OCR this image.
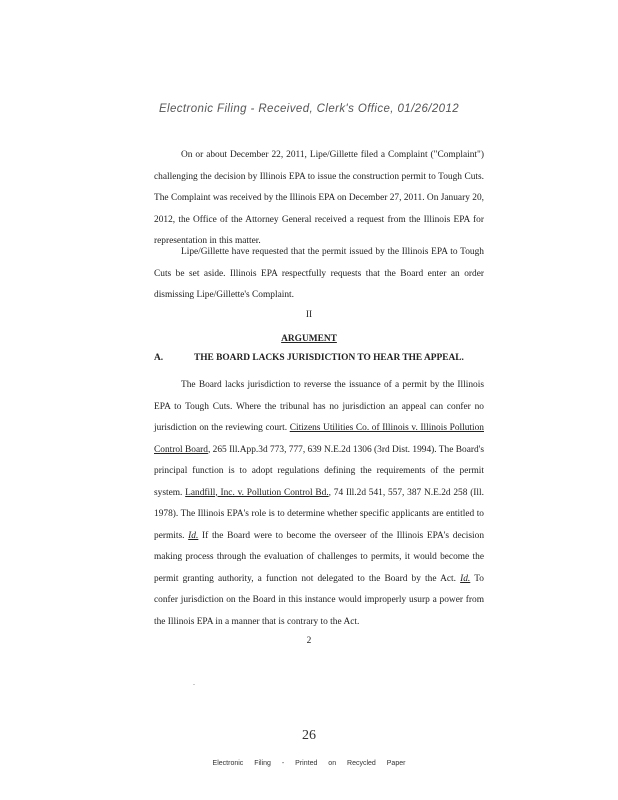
Electronic Filing - Received, Clerk's Office, 01/26/2012

On or about December 22, 2011, Lipe/Gillette filed a Complaint ("Complaint") challenging the decision by Illinois EPA to issue the construction permit to Tough Cuts. The Complaint was received by the Illinois EPA on December 27, 2011. On January 20, 2012, the Office of the Attorney General received a request from the Illinois EPA for representation in this matter.

Lipe/Gillette have requested that the permit issued by the Illinois EPA to Tough Cuts be set aside. Illinois EPA respectfully requests that the Board enter an order dismissing Lipe/Gillette's Complaint.

II
ARGUMENT
A.	THE BOARD LACKS JURISDICTION TO HEAR THE APPEAL.

The Board lacks jurisdiction to reverse the issuance of a permit by the Illinois EPA to Tough Cuts. Where the tribunal has no jurisdiction an appeal can confer no jurisdiction on the reviewing court. Citizens Utilities Co. of Illinois v. Illinois Pollution Control Board, 265 Ill.App.3d 773, 777, 639 N.E.2d 1306 (3rd Dist. 1994). The Board's principal function is to adopt regulations defining the requirements of the permit system. Landfill, Inc. v. Pollution Control Bd., 74 Ill.2d 541, 557, 387 N.E.2d 258 (Ill. 1978). The Illinois EPA's role is to determine whether specific applicants are entitled to permits. Id. If the Board were to become the overseer of the Illinois EPA's decision making process through the evaluation of challenges to permits, it would become the permit granting authority, a function not delegated to the Board by the Act. Id. To confer jurisdiction on the Board in this instance would improperly usurp a power from the Illinois EPA in a manner that is contrary to the Act.

2
.
26
Electronic Filing - Printed on Recycled Paper
